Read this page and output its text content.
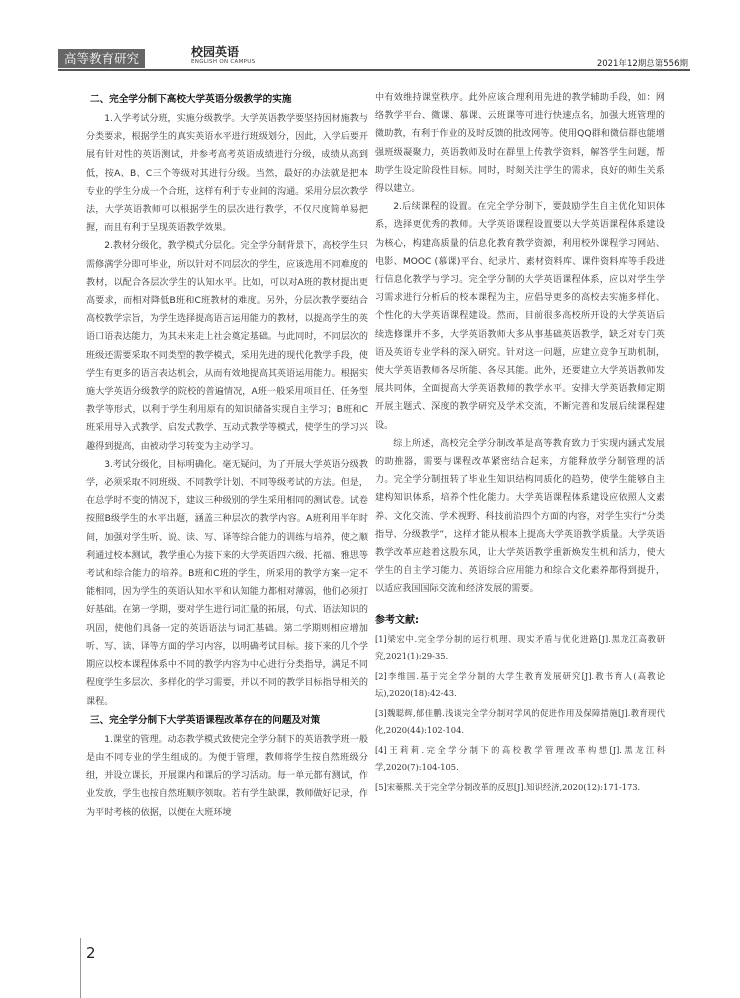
高等教育研究	校园英语
ENGLISH ON CAMPUS	2021年12期总第556期
二、完全学分制下高校大学英语分级教学的实施

1.入学考试分班，实施分级教学。大学英语教学要坚持因材施教与分类要求，根据学生的真实英语水平进行班级划分，因此，入学后要开展有针对性的英语测试，并参考高考英语成绩进行分级，成绩从高到低，按A、B、C三个等级对其进行分级。当然，最好的办法就是把本专业的学生分成一个合班，这样有利于专业间的沟通。采用分层次教学法，大学英语教师可以根据学生的层次进行教学，不仅尺度简单易把握，而且有利于呈现英语教学效果。

2.教材分级化，教学模式分层化。完全学分制背景下，高校学生只需修满学分即可毕业，所以针对不同层次的学生，应该选用不同难度的教材，以配合各层次学生的认知水平。比如，可以对A班的教材提出更高要求，而相对降低B班和C班教材的难度。另外，分层次教学要结合高校教学宗旨，为学生选择提高语言运用能力的教材，以提高学生的英语口语表达能力，为其未来走上社会奠定基础。与此同时，不同层次的班级还需要采取不同类型的教学模式，采用先进的现代化教学手段，使学生有更多的语言表达机会，从而有效地提高其英语运用能力。根据实施大学英语分级教学的院校的普遍情况，A班一般采用项目任、任务型教学等形式，以利于学生利用原有的知识储备实现自主学习；B班和C班采用导入式教学、启发式教学、互动式教学等模式，使学生的学习兴趣得到提高，由被动学习转变为主动学习。

3.考试分级化，目标明确化。毫无疑问，为了开展大学英语分级教学，必须采取不同班级、不同教学计划、不同等级考试的方法。但是，在总学时不变的情况下，建议三种级别的学生采用相同的测试卷。试卷按照B级学生的水平出题，涵盖三种层次的教学内容。A班利用半年时间，加强对学生听、说、读、写、译等综合能力的训练与培养，使之顺利通过校本测试，教学重心为接下来的大学英语四六级、托福、雅思等考试和综合能力的培养。B班和C班的学生，所采用的教学方案一定不能相同，因为学生的英语认知水平和认知能力都相对薄弱，他们必须打好基础。在第一学期，要对学生进行词汇量的拓展，句式、语法知识的巩固，使他们具备一定的英语语法与词汇基础。第二学期则相应增加听、写、读、译等方面的学习内容，以明确考试目标。接下来的几个学期应以校本课程体系中不同的教学内容为中心进行分类指导，满足不同程度学生多层次、多样化的学习需要，并以不同的教学目标指导相关的课程。

三、完全学分制下大学英语课程改革存在的问题及对策

1.课堂的管理。动态教学模式致使完全学分制下的英语教学班一般是由不同专业的学生组成的。为便于管理，教师将学生按自然班级分组，并设立课长，开展课内和课后的学习活动。每一单元都有测试，作业发放，学生也按自然班顺序领取。若有学生缺课，教师做好记录，作为平时考核的依据，以便在大班环境

中有效维持课堂秩序。此外应该合理利用先进的教学辅助手段，如：网络教学平台、微课、慕课、云班课等可进行快速点名，加强大班管理的微助教，有利于作业的及时反馈的批改网等。使用QQ群和微信群也能增强班级凝聚力，英语教师及时在群里上传教学资料，解答学生问题，帮助学生设定阶段性目标。同时，时刻关注学生的需求，良好的师生关系得以建立。

2.后续课程的设置。在完全学分制下，要鼓励学生自主优化知识体系，选择更优秀的教师。大学英语课程设置要以大学英语课程体系建设为核心，构建高质量的信息化教育教学资源，利用校外课程学习网站、电影、MOOC (慕课)平台、纪录片、素材资料库、课件资料库等手段进行信息化教学与学习。完全学分制的大学英语课程体系，应以对学生学习需求进行分析后的校本课程为主，应倡导更多的高校去实施多样化、个性化的大学英语课程建设。然而，目前很多高校所开设的大学英语后续选修课并不多，大学英语教师大多从事基础英语教学，缺乏对专门英语及英语专业学科的深入研究。针对这一问题，应建立竞争互助机制，使大学英语教师各尽所能、各尽其能。此外，还要建立大学英语教师发展共同体，全面提高大学英语教师的教学水平。安排大学英语教师定期开展主题式、深度的教学研究及学术交流，不断完善和发展后续课程建设。

综上所述，高校完全学分制改革是高等教育致力于实现内涵式发展的助推器，需要与课程改革紧密结合起来，方能释放学分制管理的活力。完全学分制扭转了毕业生知识结构同质化的趋势，使学生能够自主建构知识体系，培养个性化能力。大学英语课程体系建设应依照人文素养、文化交流、学术视野、科技前沿四个方面的内容，对学生实行“分类指导、分级教学”，这样才能从根本上提高大学英语教学质量。大学英语教学改革应趁着这股东风，让大学英语教学重新焕发生机和活力，使大学生的自主学习能力、英语综合应用能力和综合文化素养都得到提升，以适应我国国际交流和经济发展的需要。

参考文献:
[1]梁宏中.完全学分制的运行机理、现实矛盾与优化进路[J].黑龙江高教研究,2021(1):29-35.
[2]李维国.基于完全学分制的大学生教育发展研究[J].教书育人(高教论坛),2020(18):42-43.
[3]魏聪辉,郁佳鹏.浅谈完全学分制对学风的促进作用及保障措施[J].教育现代化,2020(44):102-104.
[4]王莉莉.完全学分制下的高校教学管理改革构想[J].黑龙江科学,2020(7):104-105.
[5]宋蓁熙.关于完全学分制改革的反思[J].知识经济,2020(12):171-173.
2
